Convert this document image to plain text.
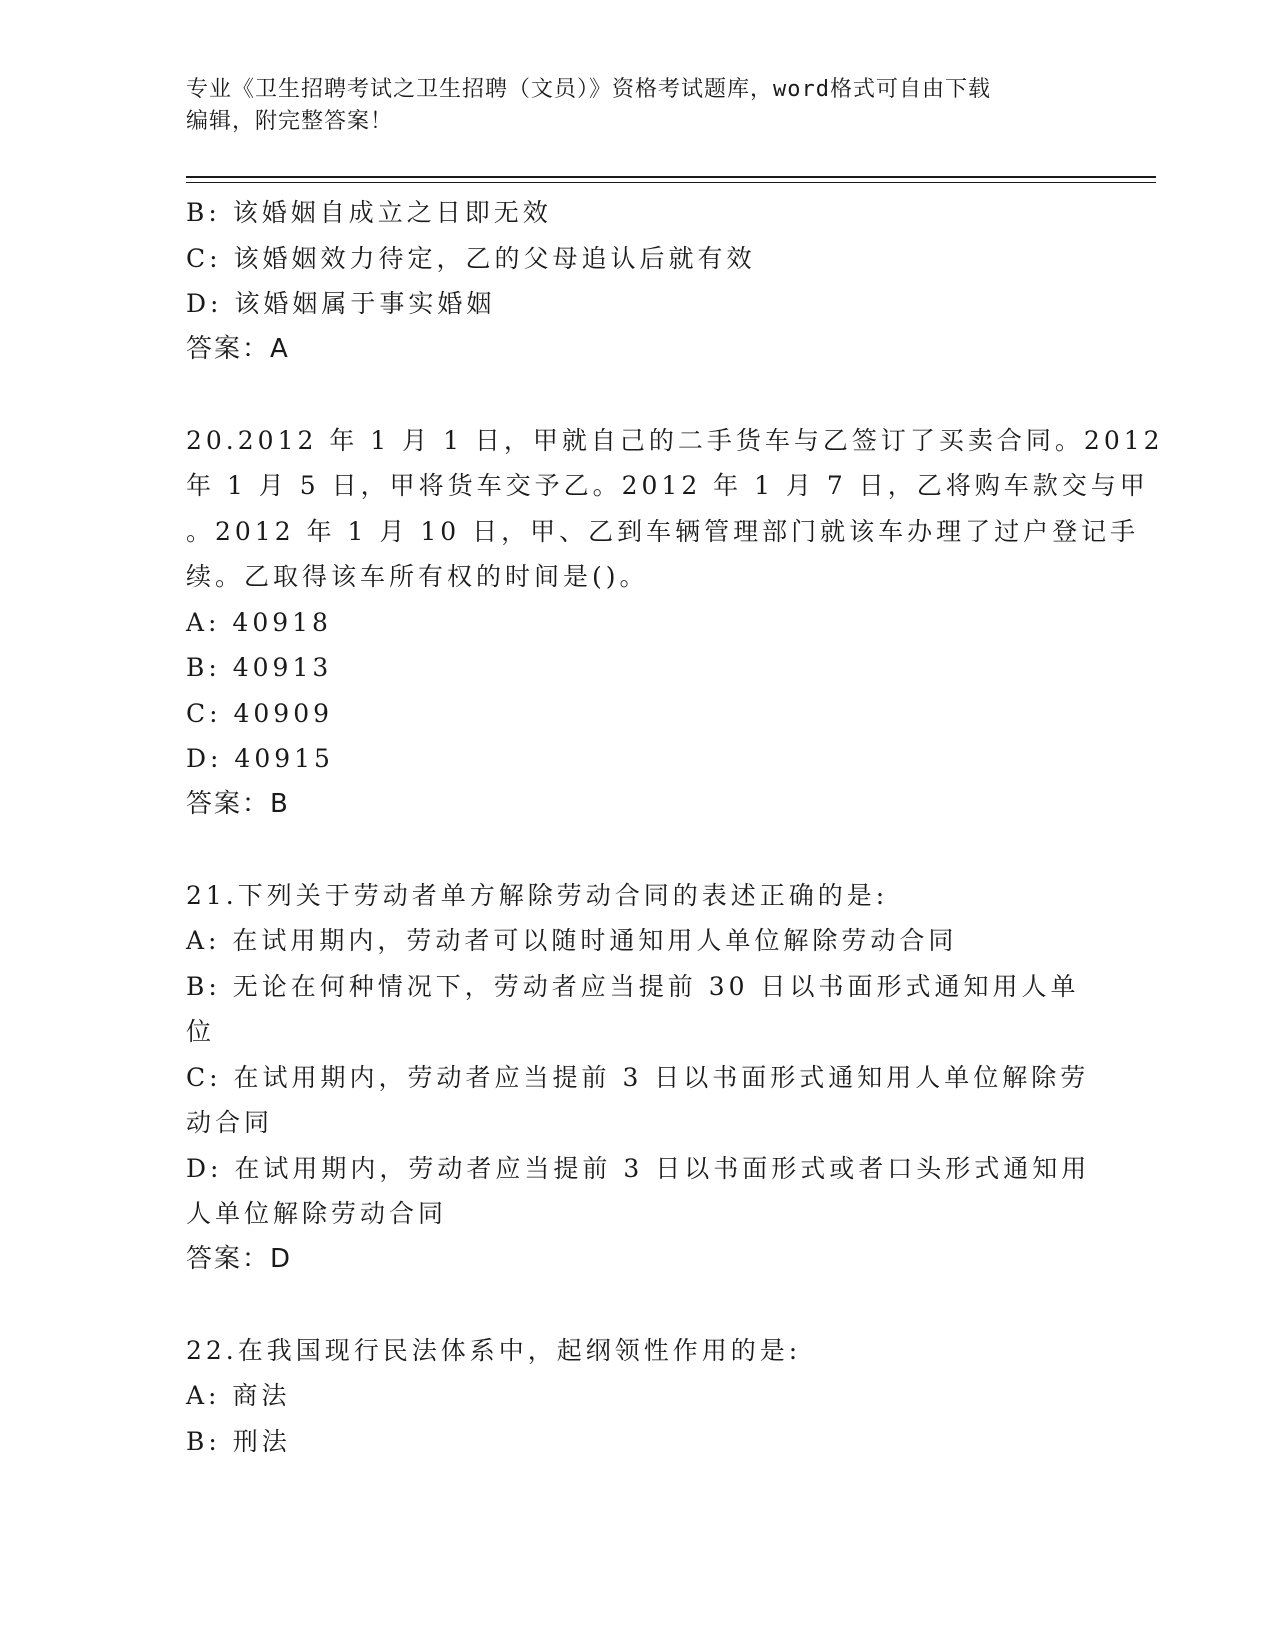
专业《卫生招聘考试之卫生招聘（文员）》资格考试题库，word格式可自由下载
编辑，附完整答案！
B: 该婚姻自成立之日即无效
C: 该婚姻效力待定，乙的父母追认后就有效
D: 该婚姻属于事实婚姻
答案：A
20.2012 年 1 月 1 日，甲就自己的二手货车与乙签订了买卖合同。2012
年 1 月 5 日，甲将货车交予乙。2012 年 1 月 7 日，乙将购车款交与甲
。2012 年 1 月 10 日，甲、乙到车辆管理部门就该车办理了过户登记手
续。乙取得该车所有权的时间是()。
A: 40918
B: 40913
C: 40909
D: 40915
答案：B
21.下列关于劳动者单方解除劳动合同的表述正确的是:
A: 在试用期内，劳动者可以随时通知用人单位解除劳动合同
B: 无论在何种情况下，劳动者应当提前 30 日以书面形式通知用人单
位
C: 在试用期内，劳动者应当提前 3 日以书面形式通知用人单位解除劳
动合同
D: 在试用期内，劳动者应当提前 3 日以书面形式或者口头形式通知用
人单位解除劳动合同
答案：D
22.在我国现行民法体系中，起纲领性作用的是:
A: 商法
B: 刑法
